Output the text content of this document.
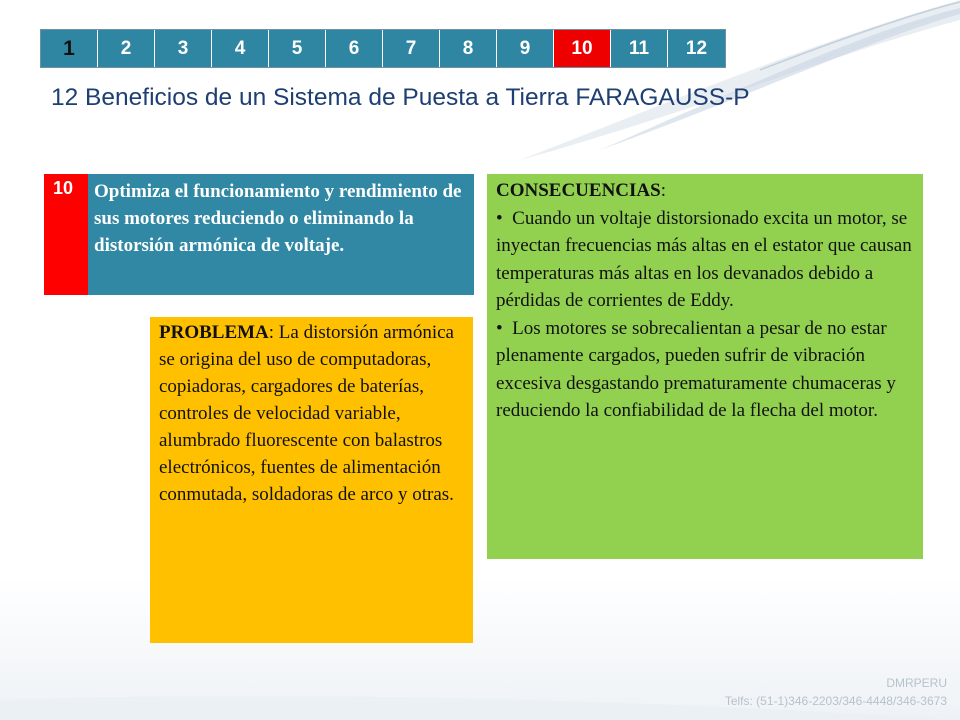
1	2	3	4	5	6	7	8	9	10	11	12
12 Beneficios de un Sistema de Puesta a Tierra FARAGAUSS-P
10	Optimiza el funcionamiento y rendimiento de sus motores reduciendo o eliminando la distorsión armónica de voltaje.
PROBLEMA: La distorsión armónica se origina del uso de computadoras, copiadoras, cargadores de baterías, controles de velocidad variable, alumbrado fluorescente con balastros electrónicos, fuentes de alimentación conmutada, soldadoras de arco y otras.

CONSECUENCIAS:

•  Cuando un voltaje distorsionado excita un motor, se inyectan frecuencias más altas en el estator que causan temperaturas más altas en los devanados debido a pérdidas de corrientes de Eddy.

•  Los motores se sobrecalientan a pesar de no estar plenamente cargados, pueden sufrir de vibración excesiva desgastando prematuramente chumaceras y reduciendo la confiabilidad de la flecha del motor.

DMRPERU
Telfs: (51-1)346-2203/346-4448/346-3673
